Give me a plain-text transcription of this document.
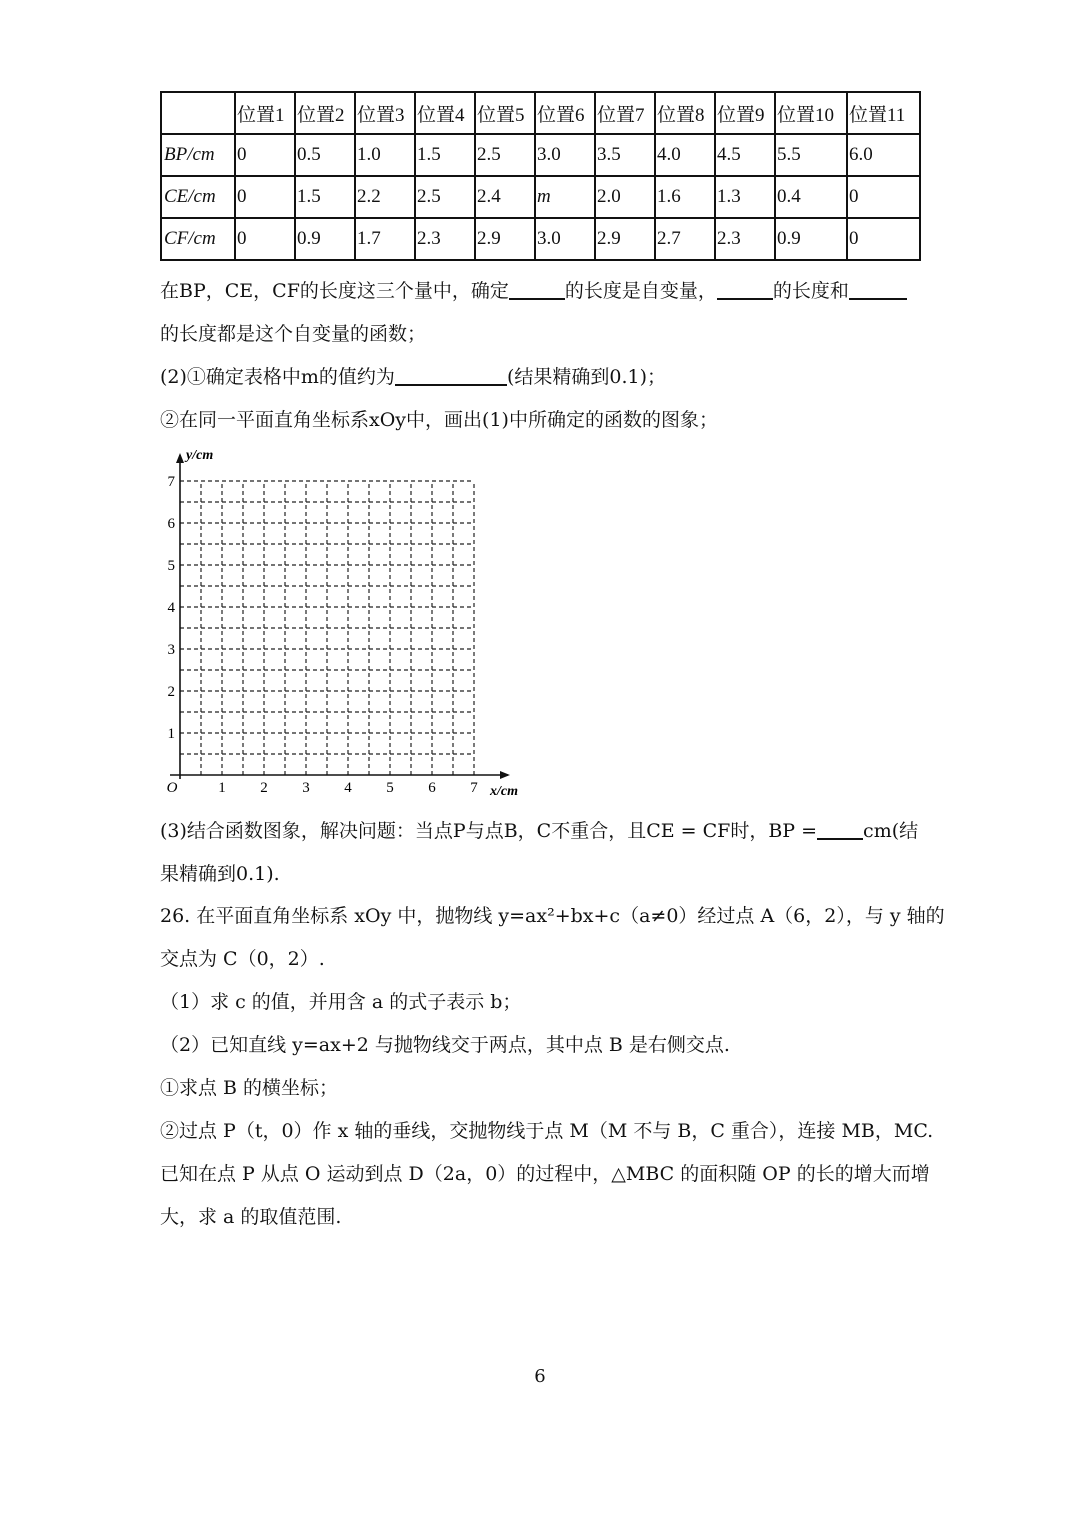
	位置1	位置2	位置3	位置4	位置5	位置6	位置7	位置8	位置9	位置10	位置11
BP/cm	0	0.5	1.0	1.5	2.5	3.0	3.5	4.0	4.5	5.5	6.0
CE/cm	0	1.5	2.2	2.5	2.4	m	2.0	1.6	1.3	0.4	0
CF/cm	0	0.9	1.7	2.3	2.9	3.0	2.9	2.7	2.3	0.9	0
在BP，CE，CF的长度这三个量中，确定	的长度是自变量，	的长度和
的长度都是这个自变量的函数；
(2)①确定表格中m的值约为	(结果精确到0.1)；
②在同一平面直角坐标系xOy中，画出(1)中所确定的函数的图象；
1 2 3 4 5 6 7
1
2
3
4
5
6
7
O
y/cm
x/cm
(3)结合函数图象，解决问题：当点P与点B，C不重合，且CE = CF时，BP = cm(结
果精确到0.1).
26. 在平面直角坐标系 xOy 中，抛物线 y=ax²+bx+c（a≠0）经过点 A（6，2），与 y 轴的
交点为 C（0，2）.
（1）求 c 的值，并用含 a 的式子表示 b；
（2）已知直线 y=ax+2 与抛物线交于两点，其中点 B 是右侧交点.
①求点 B 的横坐标；
②过点 P（t，0）作 x 轴的垂线，交抛物线于点 M（M 不与 B，C 重合），连接 MB，MC.
已知在点 P 从点 O 运动到点 D（2a，0）的过程中，△MBC 的面积随 OP 的长的增大而增
大，求 a 的取值范围.
6
